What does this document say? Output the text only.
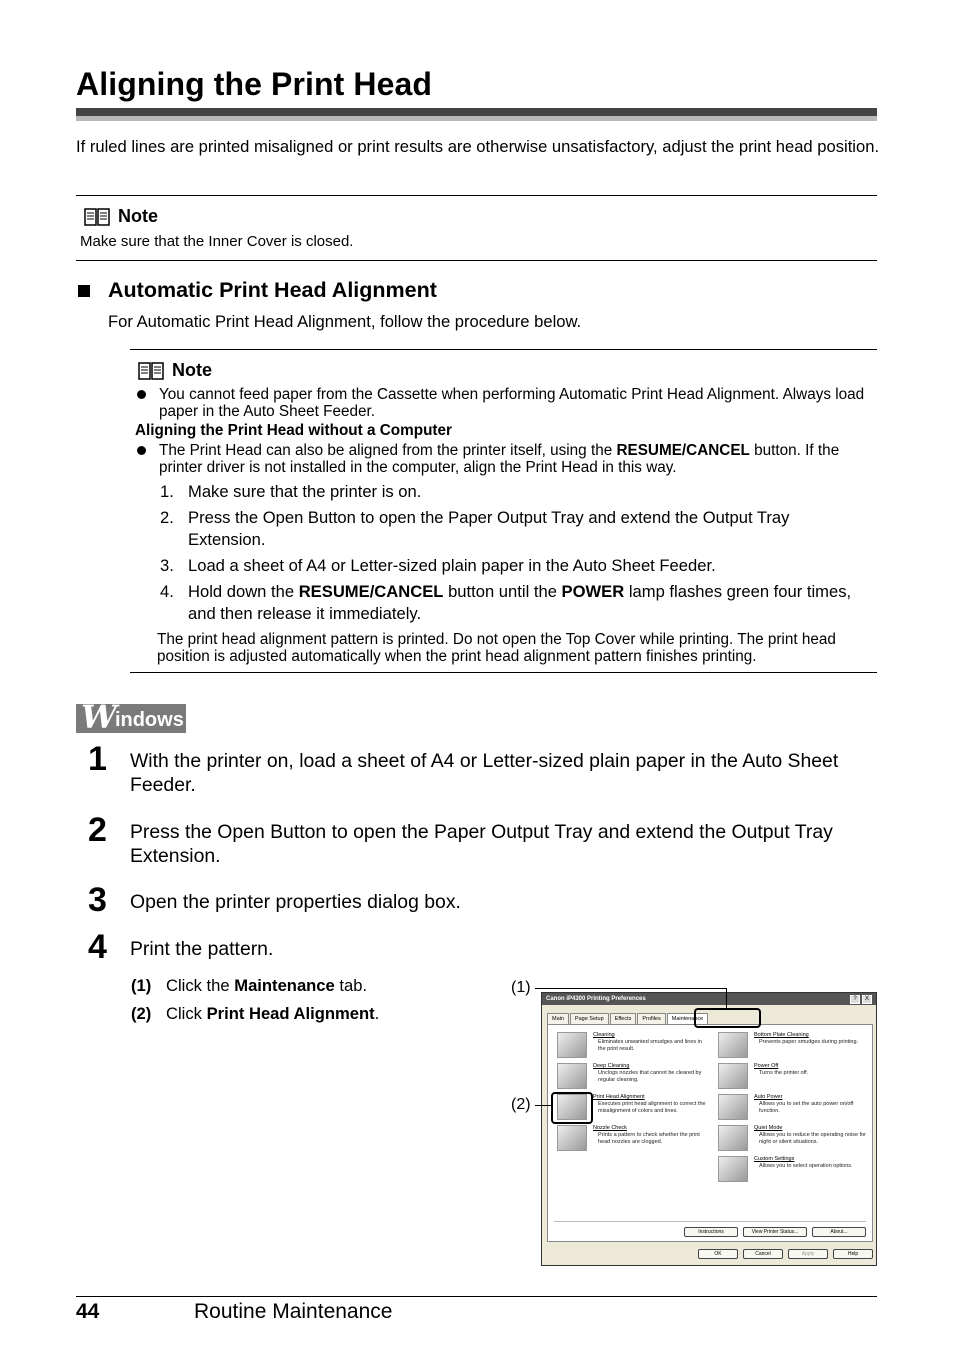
Aligning the Print Head
If ruled lines are printed misaligned or print results are otherwise unsatisfactory, adjust the print head position.
Note
Make sure that the Inner Cover is closed.
Automatic Print Head Alignment
For Automatic Print Head Alignment, follow the procedure below.
Note
You cannot feed paper from the Cassette when performing Automatic Print Head Alignment. Always load paper in the Auto Sheet Feeder.
Aligning the Print Head without a Computer
The Print Head can also be aligned from the printer itself, using the RESUME/CANCEL button. If the printer driver is not installed in the computer, align the Print Head in this way.
1. Make sure that the printer is on.
2. Press the Open Button to open the Paper Output Tray and extend the Output Tray Extension.
3. Load a sheet of A4 or Letter-sized plain paper in the Auto Sheet Feeder.
4. Hold down the RESUME/CANCEL button until the POWER lamp flashes green four times, and then release it immediately.
The print head alignment pattern is printed. Do not open the Top Cover while printing. The print head position is adjusted automatically when the print head alignment pattern finishes printing.
W indows
1	With the printer on, load a sheet of A4 or Letter-sized plain paper in the Auto Sheet Feeder.
2	Press the Open Button to open the Paper Output Tray and extend the Output Tray Extension.
3	Open the printer properties dialog box.
4	Print the pattern.
(1) Click the Maintenance tab.
(2) Click Print Head Alignment.
Canon iP4300 Printing Preferences	?	X
Main	Page Setup	Effects	Profiles	Maintenance
Cleaning
Eliminates unwanted smudges and lines in the print result.
Deep Cleaning
Unclogs nozzles that cannot be cleared by regular cleaning.
Print Head Alignment
Executes print head alignment to correct the misalignment of colors and lines.
Nozzle Check
Prints a pattern to check whether the print head nozzles are clogged.
Bottom Plate Cleaning
Prevents paper smudges during printing.
Power Off
Turns the printer off.
Auto Power
Allows you to set the auto power on/off function.
Quiet Mode
Allows you to reduce the operating noise for night or silent situations.
Custom Settings
Allows you to select operation options.
Instructions	View Printer Status...	About...
OK	Cancel	Apply	Help
(1)
(2)
44	Routine Maintenance
